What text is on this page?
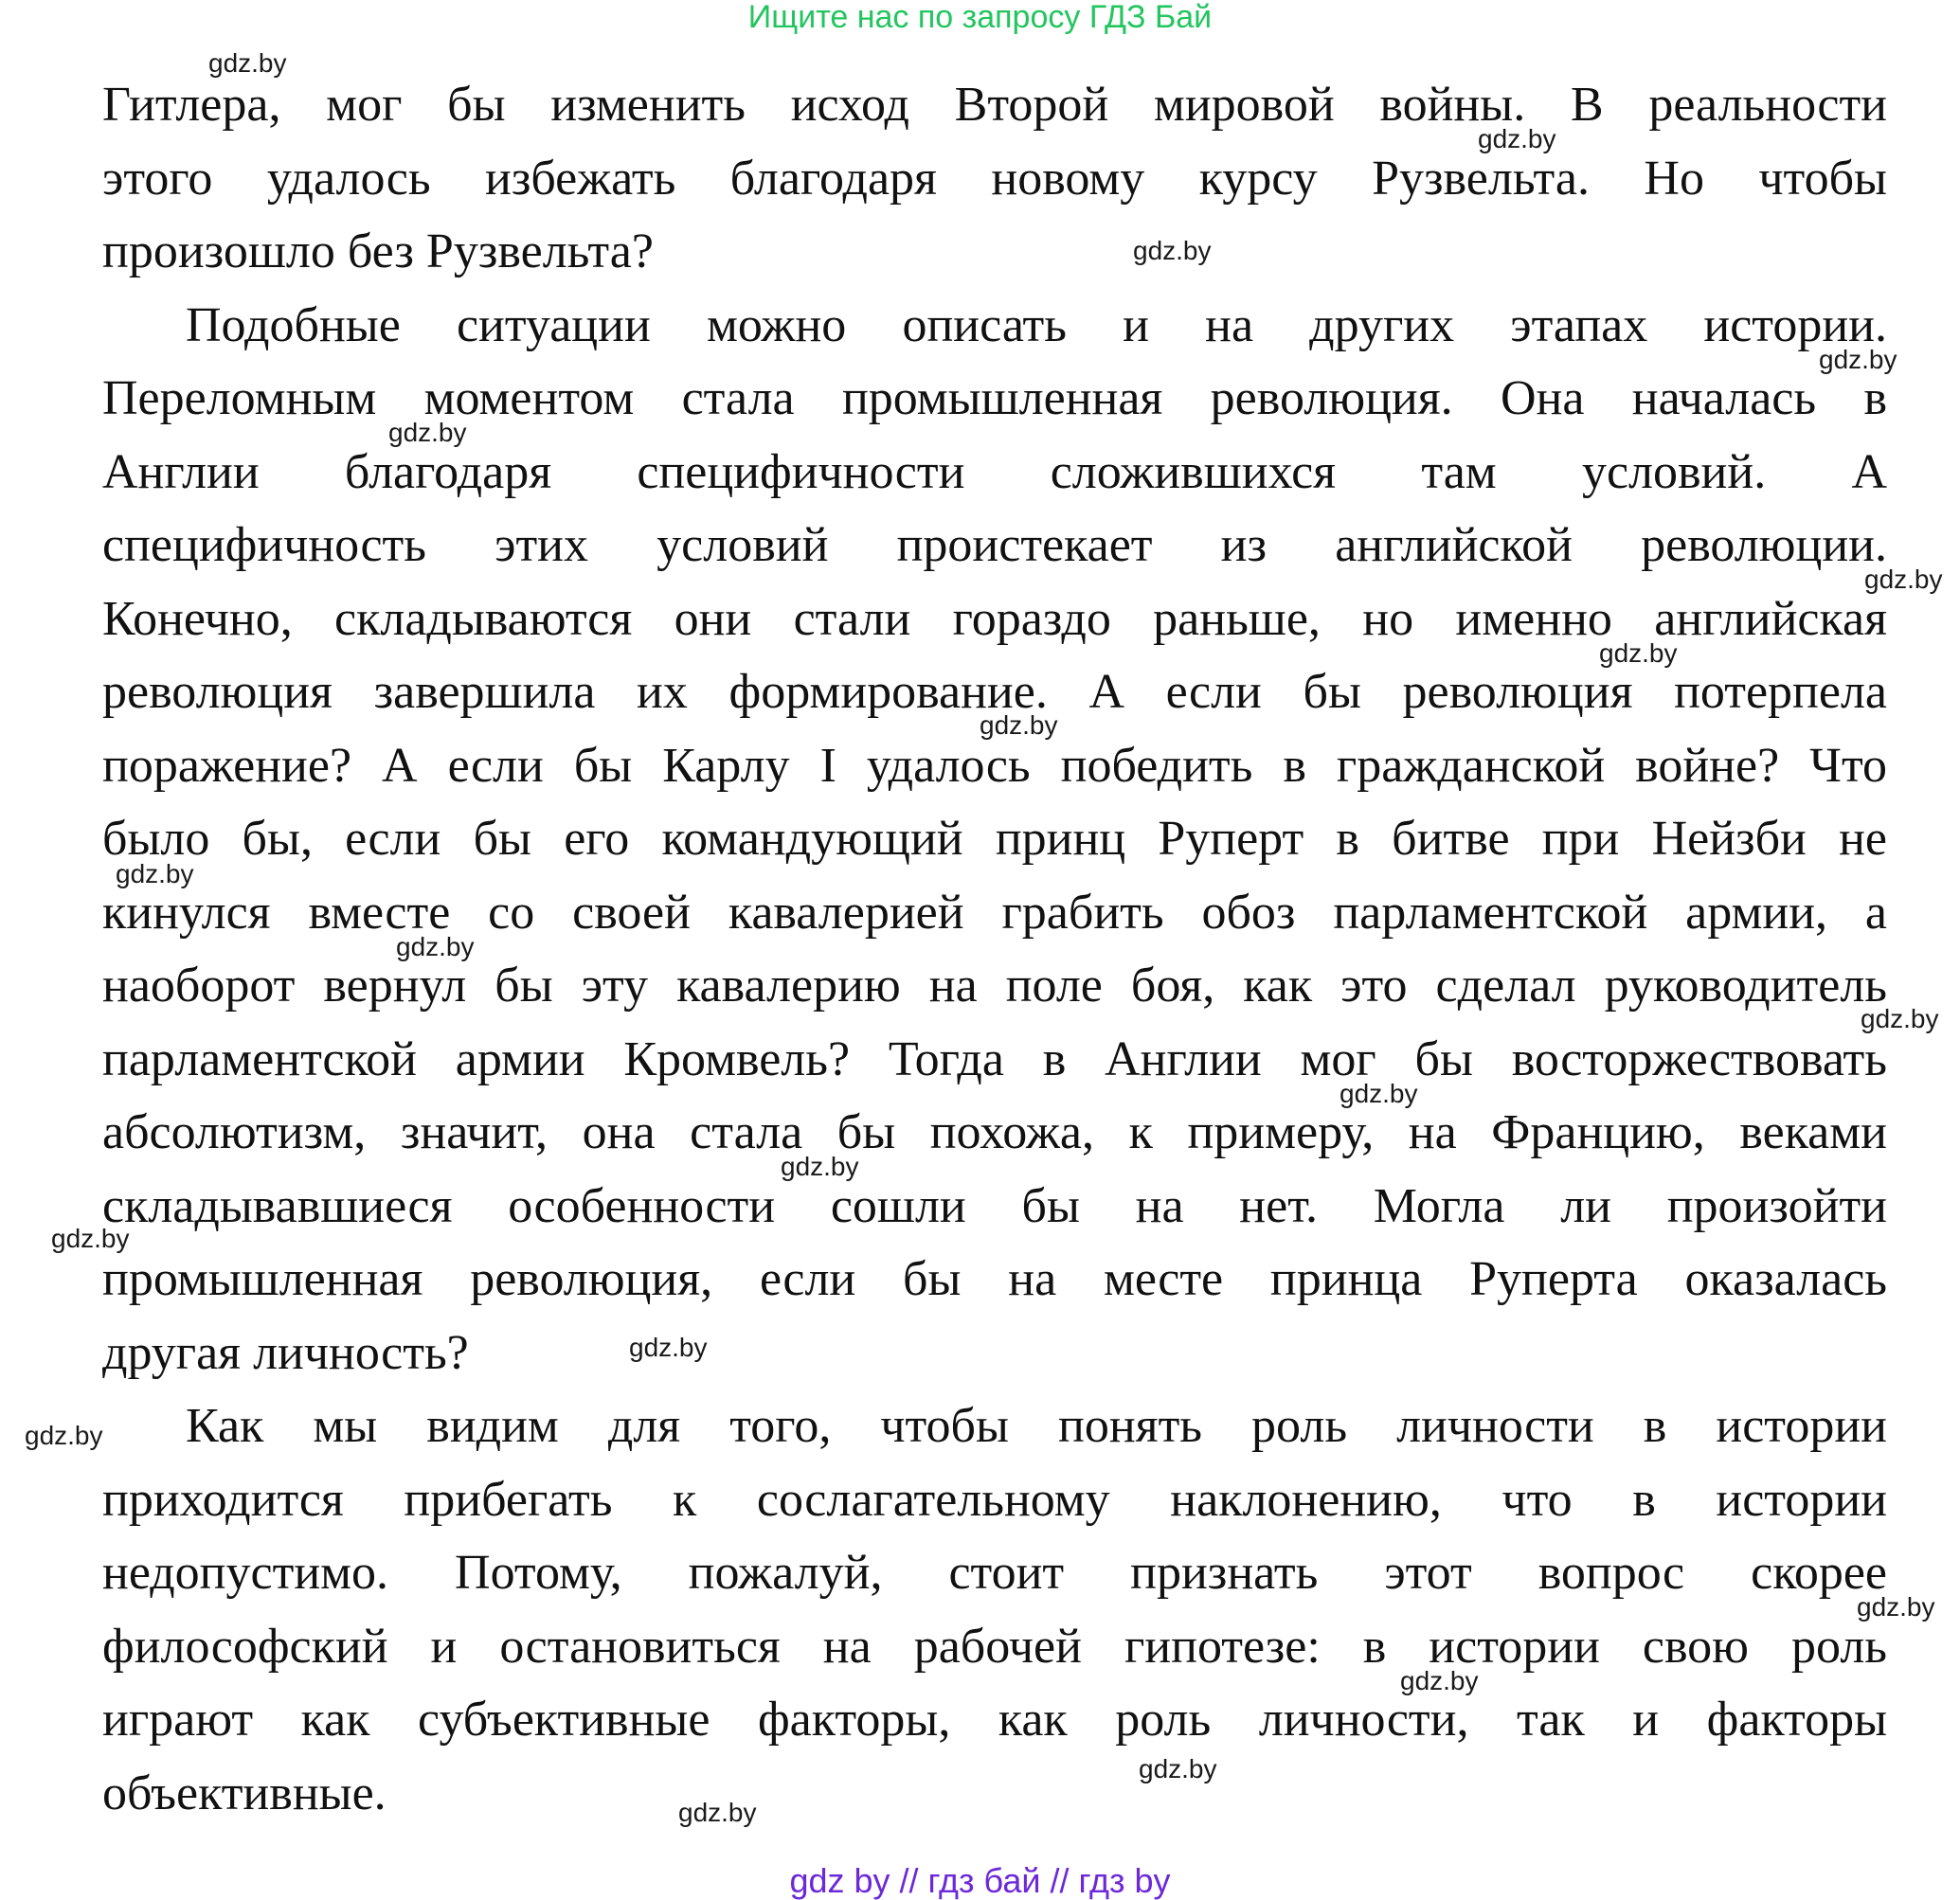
Ищите нас по запросу ГДЗ Бай
Гитлера, мог бы изменить исход Второй мировой войны. В реальности
этого удалось избежать благодаря новому курсу Рузвельта. Но чтобы
произошло без Рузвельта?
Подобные ситуации можно описать и на других этапах истории.
Переломным моментом стала промышленная революция. Она началась в
Англии благодаря специфичности сложившихся там условий. А
специфичность этих условий проистекает из английской революции.
Конечно, складываются они стали гораздо раньше, но именно английская
революция завершила их формирование. А если бы революция потерпела
поражение? А если бы Карлу I удалось победить в гражданской войне? Что
было бы, если бы его командующий принц Руперт в битве при Нейзби не
кинулся вместе со своей кавалерией грабить обоз парламентской армии, а
наоборот вернул бы эту кавалерию на поле боя, как это сделал руководитель
парламентской армии Кромвель? Тогда в Англии мог бы восторжествовать
абсолютизм, значит, она стала бы похожа, к примеру, на Францию, веками
складывавшиеся особенности сошли бы на нет. Могла ли произойти
промышленная революция, если бы на месте принца Руперта оказалась
другая личность?
Как мы видим для того, чтобы понять роль личности в истории
приходится прибегать к сослагательному наклонению, что в истории
недопустимо. Потому, пожалуй, стоит признать этот вопрос скорее
философский и остановиться на рабочей гипотезе: в истории свою роль
играют как субъективные факторы, как роль личности, так и факторы
объективные.
gdz.by
gdz.by
gdz.by
gdz.by
gdz.by
gdz.by
gdz.by
gdz.by
gdz.by
gdz.by
gdz.by
gdz.by
gdz.by
gdz.by
gdz.by
gdz.by
gdz.by
gdz.by
gdz.by
gdz.by
gdz by // гдз бай // гдз by
